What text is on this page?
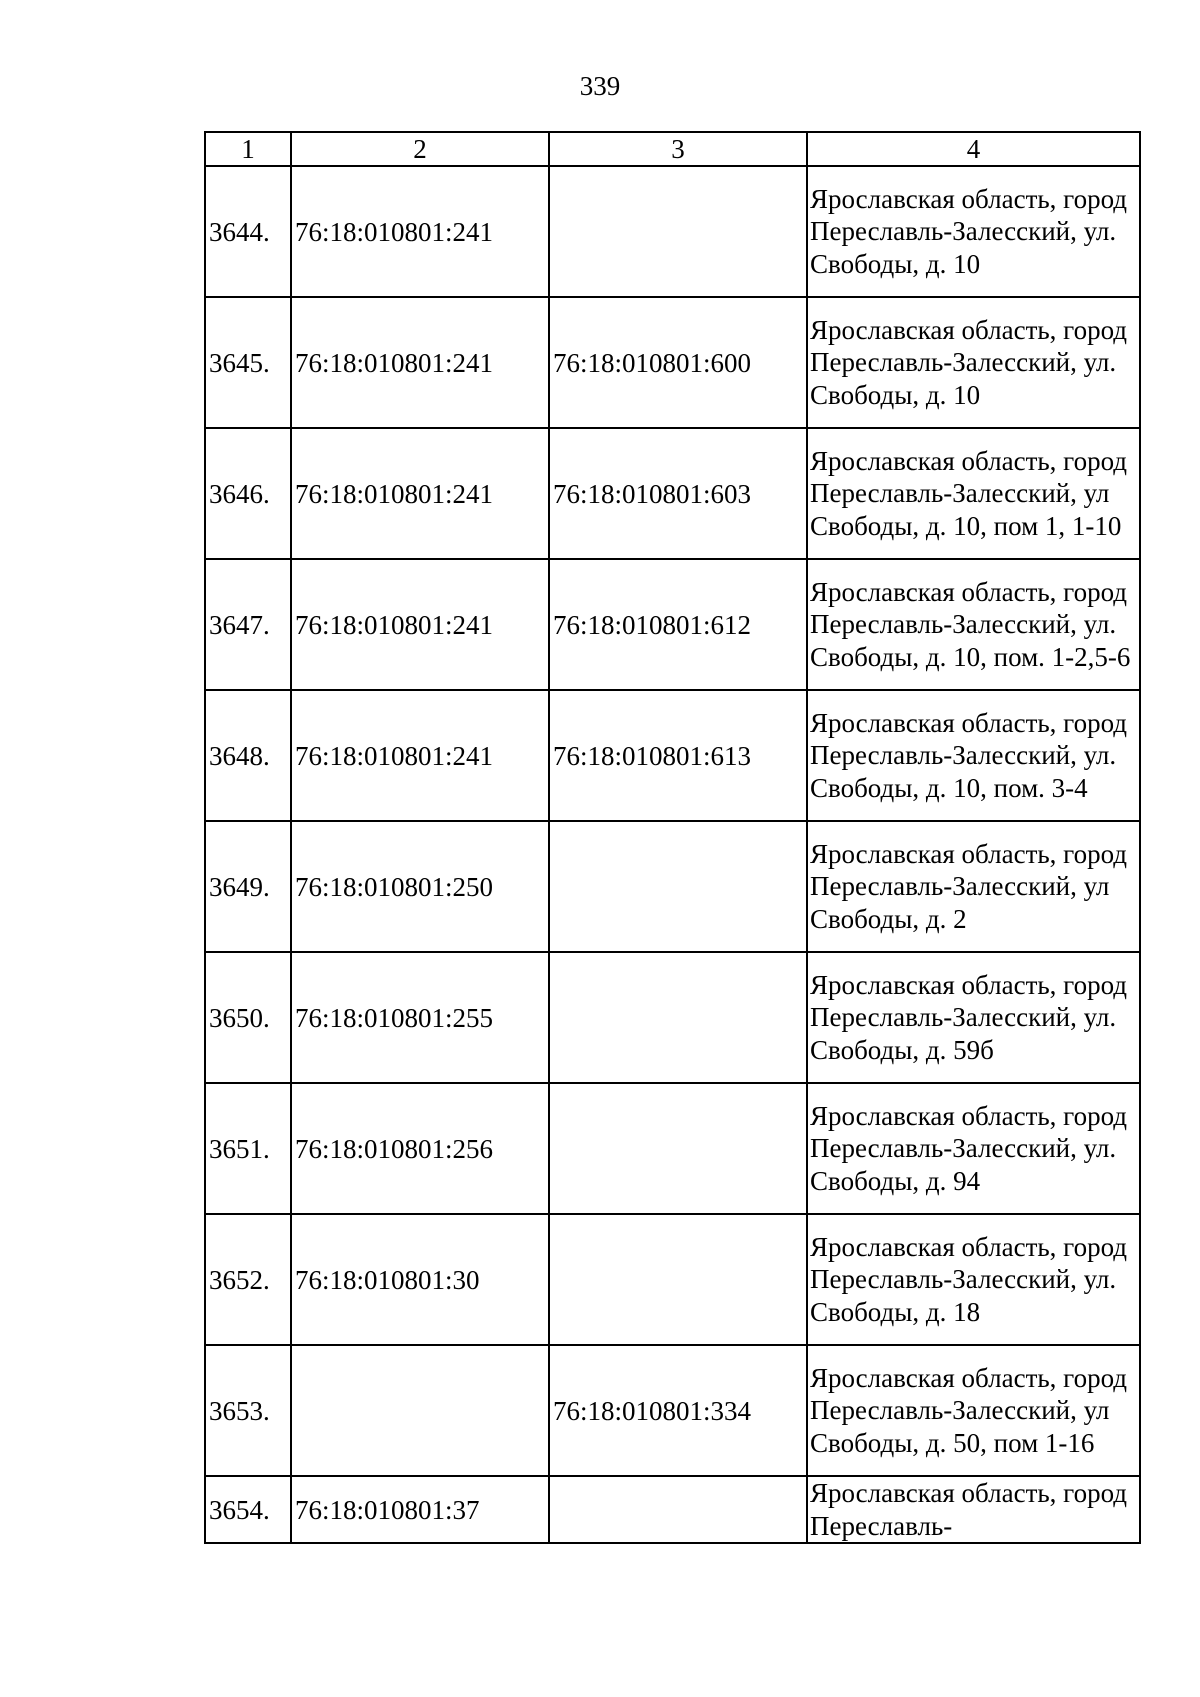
339
1	2	3	4
3644.	76:18:010801:241		Ярославская область, город Переславль-Залесский, ул. Свободы, д. 10
3645.	76:18:010801:241	76:18:010801:600	Ярославская область, город Переславль-Залесский, ул. Свободы, д. 10
3646.	76:18:010801:241	76:18:010801:603	Ярославская область, город Переславль-Залесский, ул Свободы, д. 10, пом 1, 1-10
3647.	76:18:010801:241	76:18:010801:612	Ярославская область, город Переславль-Залесский, ул. Свободы, д. 10, пом. 1-2,5-6
3648.	76:18:010801:241	76:18:010801:613	Ярославская область, город Переславль-Залесский, ул. Свободы, д. 10, пом. 3-4
3649.	76:18:010801:250		Ярославская область, город Переславль-Залесский, ул Свободы, д. 2
3650.	76:18:010801:255		Ярославская область, город Переславль-Залесский, ул. Свободы, д. 59б
3651.	76:18:010801:256		Ярославская область, город Переславль-Залесский, ул. Свободы, д. 94
3652.	76:18:010801:30		Ярославская область, город Переславль-Залесский, ул. Свободы, д. 18
3653.		76:18:010801:334	Ярославская область, город Переславль-Залесский, ул Свободы, д. 50, пом 1-16
3654.	76:18:010801:37		Ярославская область, город Переславль-
